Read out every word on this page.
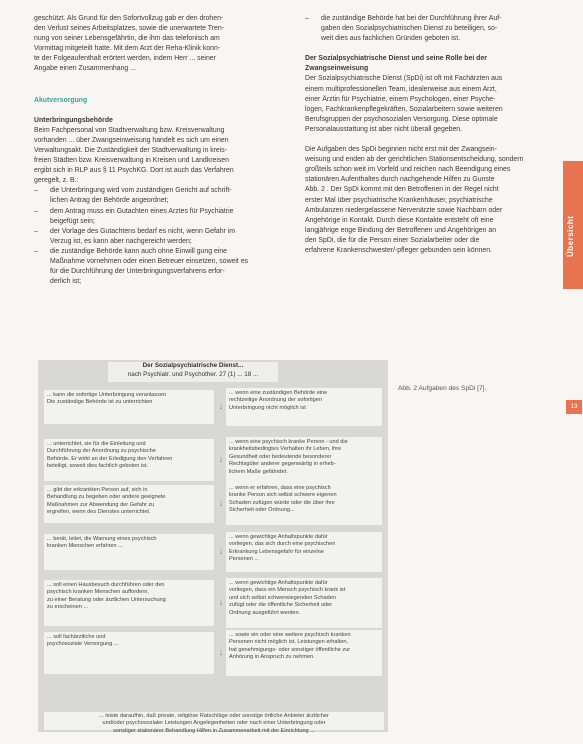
geschützt. Als Grund für den Sofortvollzug gab er den drohen-
den Verlust seines Arbeitsplatzes, sowie die unerwartete Tren-
nung von seiner Lebensgefährtin, die ihm das telefonisch am
Vormittag mitgeteilt hatte. Mit dem Arzt der Reha-Klinik konn-
te der Folgeaufenthalt erörtert werden, indem Herr ... seiner
Angabe einen Zusammenhang ...
Akutversorgung
Unterbringungsbehörde
Beim Fachpersonal von Stadtverwaltung bzw. Kreisverwaltung
vorhanden ... über Zwangseinweisung handelt es sich um einen
Verwaltungsakt. Die Zuständigkeit der Stadtverwaltung in kreis-
freien Städten bzw. Kreisverwaltung in Kreisen und Landkreisen
ergibt sich in RLP aus § 11 PsychKG. Dort ist auch das Verfahren
geregelt, z. B.:
–	die Unterbringung wird vom zuständigen Gericht auf schrift-
lichen Antrag der Behörde angeordnet;
–	dem Antrag muss ein Gutachten eines Arztes für Psychiatrie
beigefügt sein;
–	der Vorlage des Gutachtens bedarf es nicht, wenn Gefahr im
Verzug ist, es kann aber nachgereicht werden;
–	die zuständige Behörde kann auch ohne Einwill gung eine
Maßnahme vornehmen oder einen Betreuer einsetzen, soweit es
für die Durchführung der Unterbringungsverfahrens erfor-
derlich ist;
–	die zuständige Behörde hat bei der Durchführung ihrer Auf-
gaben den Sozialpsychiatrischen Dienst zu beteiligen, so-
weit dies aus fachlichen Gründen geboten ist.
Der Sozialpsychiatrische Dienst und seine Rolle bei der
Zwangseinweisung
Der Sozialpsychiatrische Dienst (SpDi) ist oft mit Fachärzten aus
einem multiprofessionellen Team, idealerweise aus einem Arzt,
einer Ärztin für Psychiatrie, einem Psychologen, einer Psyche-
logen, Fachkrankenpflegekräften, Sozialarbeitern sowie weiteren
Berufsgruppen der psychosozialen Versorgung. Diese optimale
Personalausstattung ist aber nicht überall gegeben.
Die Aufgaben des SpDi beginnen nicht erst mit der Zwangsein-
weisung und enden ab der gerichtlichen Stationsentscheidung, sondern
großteils schon weit im Vorfeld und reichen nach Beendigung eines
stationären Aufenthaltes durch nachgehende Hilfen zu Gunste
Abb. 2 . Der SpDi kommt mit den Betroffenen in der Regel nicht
erster Mal über psychiatrische Krankenhäuser, psychiatrische
Ambulanzen niedergelassene Nervenärzte sowie Nachbarn oder
Angehörige in Kontakt. Durch diese Kontakte entsteht oft eine
langjährige enge Bindung der Betroffenen und Angehörigen an
den SpDi, die für die Person einer Sozialarbeiter oder die
erfahrene Krankenschwester/-pfleger gebunden sein können.	Übersicht
13
Der Sozialpsychiatrische Dienst...
nach Psychiatr. und Psychother. 27 (1) ... 18 ...
... kann die sofortige Unterbringung veranlassen
Die zuständige Behörde ist zu unterrichten
... wenn eine zuständigen Behörde eine
rechtzeitige Anordnung der sofortigen
Unterbringung nicht möglich ist
↓
... unterrichtet, sie für die Einleitung und
Durchführung der Anordnung zu psychische
Behörde. Er wirkt an der Erledigung den Verfahren
beteiligt, soweit dies fachlich geboten ist.
... wenn eine psychisch kranke Person - und die
krankheitsbedingtes Verhalten ihr Leben, ihre
Gesundheit oder bedeutende besonderer
Rechtsgüter anderer gegenwärtig in erheb-
lichem Maße gefährdet.
↓
... gibt der erkrankten Person auf, sich in
Behandlung zu begeben oder andere geeignete
Maßnahmen zur Abwendung der Gefahr zu
ergreifen, wenn des Dienstes unterrichtet.
... wenn er erfahren, dass eine psychisch
kranke Person sich selbst schwere eigenen
Schaden zufügen würde oder die über ihre
Sicherheit oder Ordnung...
↓
... berät, leitet, die Warnung eines psychisch
kranken Menschen erfahren ...
... wenn gewichtige Anhaltspunkte dafür
vorliegen, das sich durch eine psychischen
Erkrankung Lebensgefahr für einzelne
Personen ...
↓
... soll einen Hausbesuch durchführen oder den
psychisch kranken Menschen auffordern,
zu einer Beratung oder ärztlichen Untersuchung
zu erscheinen ...
... wenn gewichtige Anhaltspunkte dafür
vorliegen, dass ein Mensch psychisch krank ist
und sich selbst schwerwiegenden Schaden
zufügt oder die öffentliche Sicherheit oder
Ordnung ausgeführt werden.
↓
... soll fachärztliche und
psychosoziale Versorgung ...
... sowie ein oder eine weitere psychisch kranken
Personen nicht möglich ist, Leistungen erhalten,
hat genehmigungs- oder sonstiger öffentliche zur
Anhörung in Anspruch zu nehmen.
↓
... leiste daraufhin, daß private, religiöse Ratschläge oder sonstige örtliche Anbieter ärztlicher
und/oder psychosozialer Leistungen Angelegenheiten oder nach einer Unterbringung oder
sonstiger stationärer Behandlung Hilfen in Zusammenarbeit mit der Einrichtung ...
Abb. 2 Aufgaben des SpDi [7].
